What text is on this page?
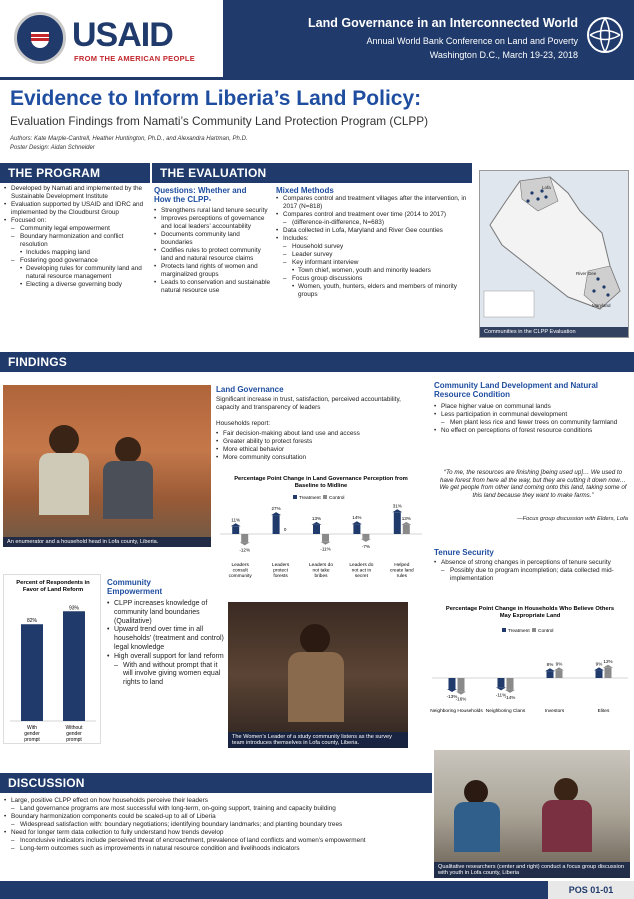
USAID
FROM THE AMERICAN PEOPLE
Land Governance in an Interconnected World
Annual World Bank Conference on Land and Poverty
Washington D.C., March 19-23, 2018
Evidence to Inform Liberia’s Land Policy:
Evaluation Findings from Namati’s Community Land Protection Program (CLPP)
Authors: Kate Marple-Cantrell, Heather Huntington, Ph.D., and Alexandra Hartman, Ph.D.
Poster Design: Aidan Schneider
THE PROGRAM
• Developed by Namati and implemented by the Sustainable Development Institute
• Evaluation supported by USAID and IDRC and implemented by the Cloudburst Group
• Focused on:
– Community legal empowerment
– Boundary harmonization and conflict resolution
• Includes mapping land
– Fostering good governance
• Developing rules for community land and natural resource management
• Electing a diverse governing body
THE EVALUATION
Questions: Whether and How the CLPP-
• Strengthens rural land tenure security
• Improves perceptions of governance and local leaders’ accountability
• Documents community land boundaries
• Codifies rules to protect community land and natural resource claims
• Protects land rights of women and marginalized groups
• Leads to conservation and sustainable natural resource use
Mixed Methods
• Compares control and treatment villages after the intervention, in 2017 (N=818)
• Compares control and treatment over time (2014 to 2017)
– (difference-in-difference, N=683)
• Data collected in Lofa, Maryland and River Gee counties
• Includes:
– Household survey
– Leader survey
– Key informant interview
• Town chief, women, youth and minority leaders
– Focus group discussions
• Women, youth, hunters, elders and members of minority groups
Lofa
River Gee
Maryland
Communities in the CLPP Evaluation
FINDINGS
An enumerator and a household head in Lofa county, Liberia.
Percent of Respondents in
Favor of Land Reform
82%
With
gender
prompt
93%
Without
gender
prompt
Community Empowerment
• CLPP increases knowledge of community land boundaries (Qualitative)
• Upward trend over time in all households’ (treatment and control) legal knowledge
• High overall support for land reform
– With and without prompt that it will involve giving women equal rights to land
Land Governance
Significant increase in trust, satisfaction, perceived accountability, capacity and transparency of leaders
Households report:
• Fair decision-making about land use and access
• Greater ability to protect forests
• More ethical behavior
• More community consultation
Percentage Point Change in Land Governance Perception from
Baseline to Midline
Treatment Control
11%
-12%
Leaders
consult
community
27%
0
Leaders
protect
forests
13%
-11%
Leaders do
not take
bribes
14%
-7%
Leaders do
not act in
secret
31%
13%
Helped
create land
rules
The Women’s Leader of a study community listens as the survey team introduces themselves in Lofa county, Liberia.
Community Land Development and Natural Resource Condition
• Place higher value on communal lands
• Less participation in communal development
– Men plant less rice and fewer trees on community farmland
• No effect on perceptions of forest resource conditions
“To me, the resources are finishing [being used up]… We used to have forest from here all the way, but they are cutting it down now… We get people from other land coming onto this land, taking some of this land because they want to make farms.”
—Focus group discussion with Elders, Lofa
Tenure Security
• Absence of strong changes in perceptions of tenure security
– Possibly due to program incompletion; data collected mid-implementation
Percentage Point Change in Households Who Believe Others
May Expropriate Land
Treatment Control
-13%
-16%
Neighboring Households
-11%
-14%
Neighboring Clans
8% 9%
Investors
9%
12%
Elites
DISCUSSION
• Large, positive CLPP effect on how households perceive their leaders
– Land governance programs are most successful with long-term, on-going support, training and capacity building
• Boundary harmonization components could be scaled-up to all of Liberia
– Widespread satisfaction with: boundary negotiations; identifying boundary landmarks; and planting boundary trees
• Need for longer term data collection to fully understand how trends develop
– Inconclusive indicators include perceived threat of encroachment, prevalence of land conflicts and women’s empowerment
– Long-term outcomes such as improvements in natural resource condition and livelihoods indicators
Qualitative researchers (center and right) conduct a focus group discussion with youth in Lofa county, Liberia
POS 01-01
